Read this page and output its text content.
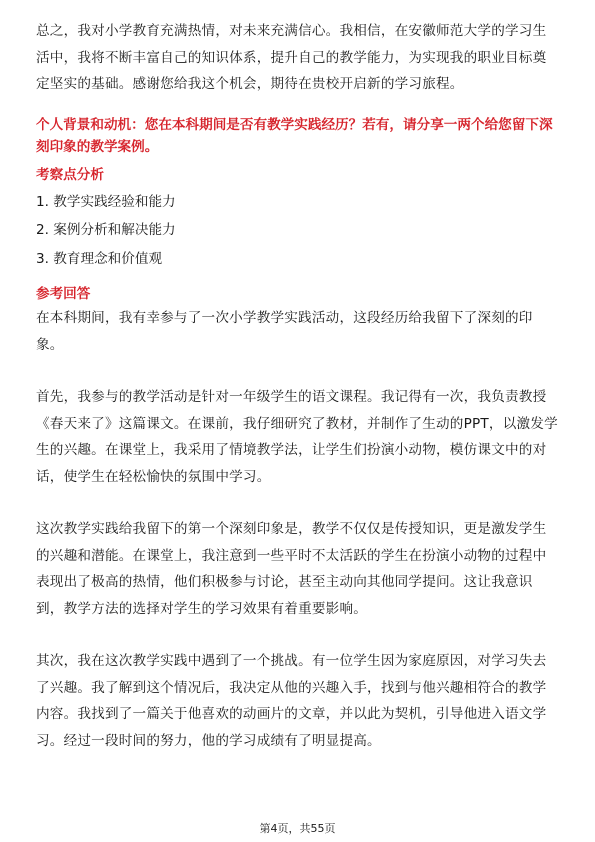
总之，我对小学教育充满热情，对未来充满信心。我相信，在安徽师范大学的学习生活中，我将不断丰富自己的知识体系，提升自己的教学能力，为实现我的职业目标奠定坚实的基础。感谢您给我这个机会，期待在贵校开启新的学习旅程。

个人背景和动机：您在本科期间是否有教学实践经历？若有，请分享一两个给您留下深刻印象的教学案例。
考察点分析
1. 教学实践经验和能力
2. 案例分析和解决能力
3. 教育理念和价值观
参考回答

在本科期间，我有幸参与了一次小学教学实践活动，这段经历给我留下了深刻的印象。

首先，我参与的教学活动是针对一年级学生的语文课程。我记得有一次，我负责教授《春天来了》这篇课文。在课前，我仔细研究了教材，并制作了生动的PPT，以激发学生的兴趣。在课堂上，我采用了情境教学法，让学生们扮演小动物，模仿课文中的对话，使学生在轻松愉快的氛围中学习。

这次教学实践给我留下的第一个深刻印象是，教学不仅仅是传授知识，更是激发学生的兴趣和潜能。在课堂上，我注意到一些平时不太活跃的学生在扮演小动物的过程中表现出了极高的热情，他们积极参与讨论，甚至主动向其他同学提问。这让我意识到，教学方法的选择对学生的学习效果有着重要影响。

其次，我在这次教学实践中遇到了一个挑战。有一位学生因为家庭原因，对学习失去了兴趣。我了解到这个情况后，我决定从他的兴趣入手，找到与他兴趣相符合的教学内容。我找到了一篇关于他喜欢的动画片的文章，并以此为契机，引导他进入语文学习。经过一段时间的努力，他的学习成绩有了明显提高。

第4页，共55页
